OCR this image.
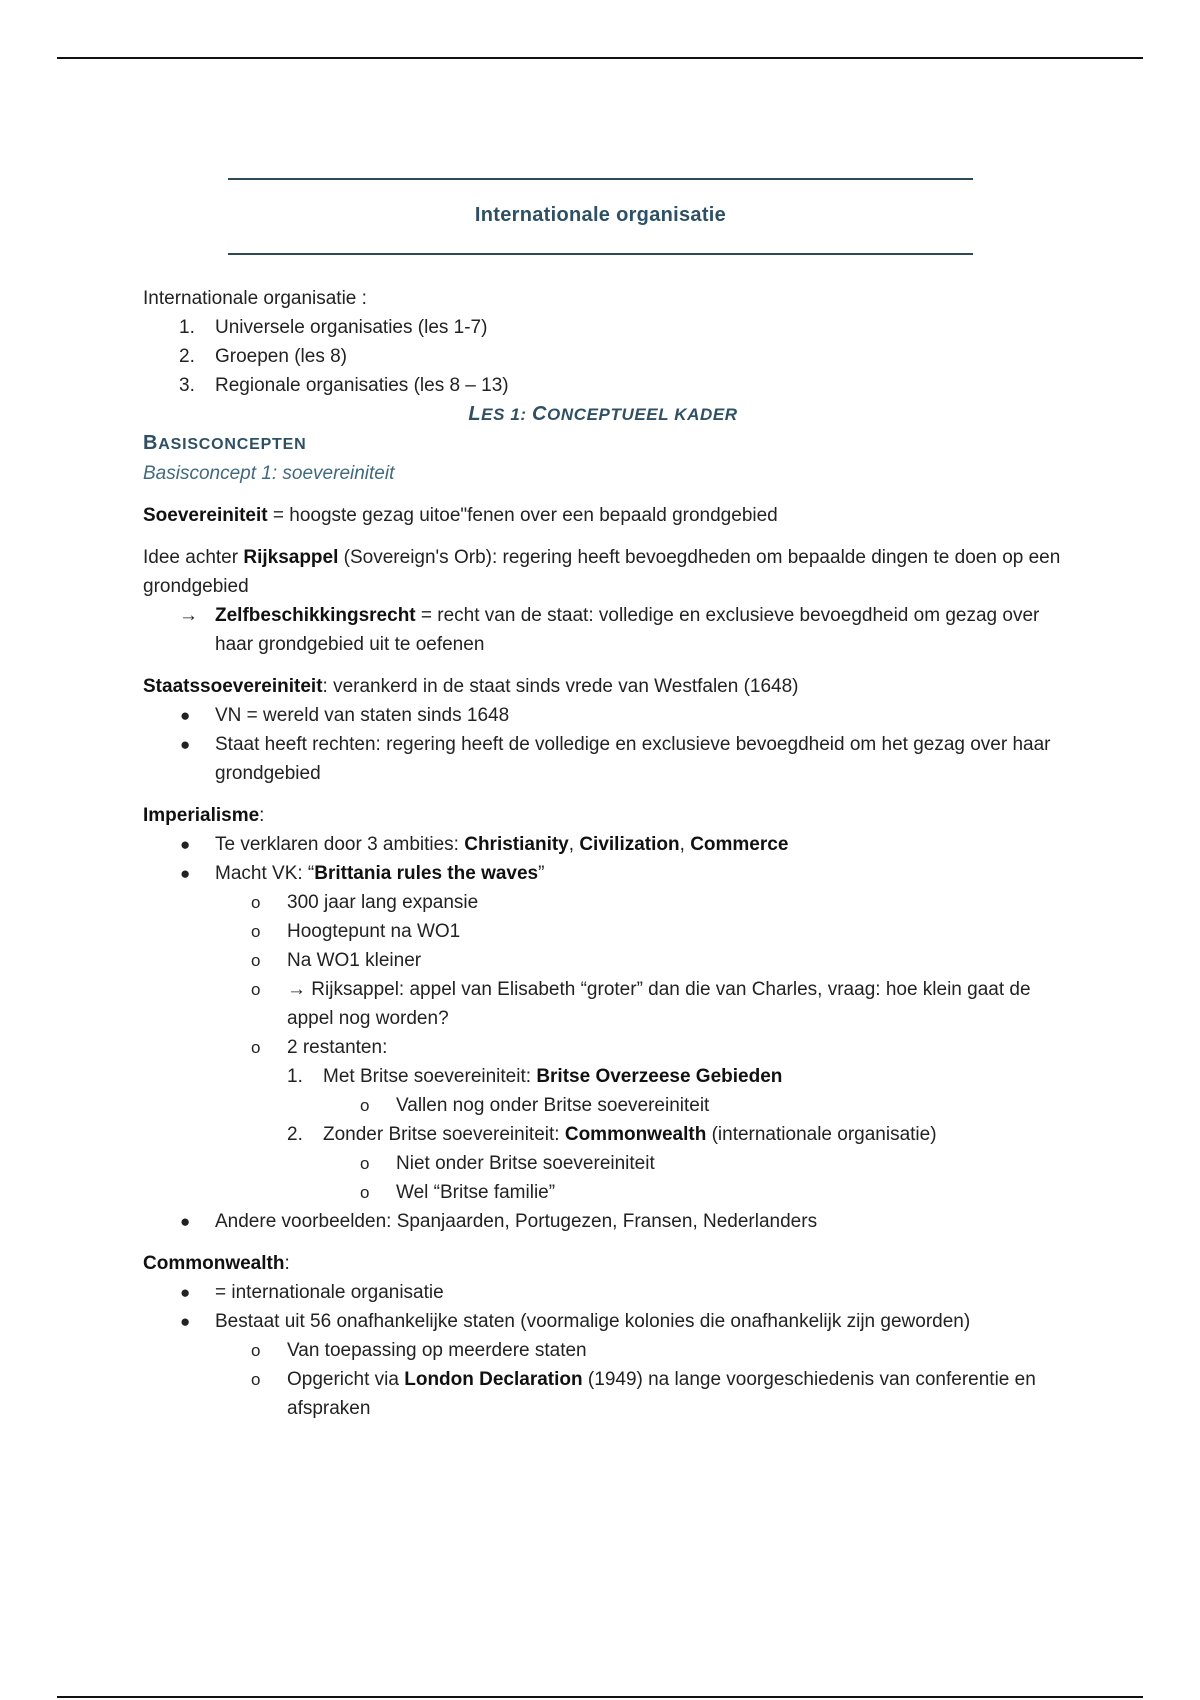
Internationale organisatie

Internationale organisatie :

1. Universele organisaties (les 1-7)
2. Groepen (les 8)
3. Regionale organisaties (les 8 – 13)

LES 1: CONCEPTUEEL KADER

BASISCONCEPTEN

Basisconcept 1: soevereiniteit

Soevereiniteit = hoogste gezag uitoe"fenen over een bepaald grondgebied

Idee achter Rijksappel (Sovereign's Orb): regering heeft bevoegdheden om bepaalde dingen te doen op een grondgebied

→ Zelfbeschikkingsrecht = recht van de staat: volledige en exclusieve bevoegdheid om gezag over haar grondgebied uit te oefenen

Staatssoevereiniteit: verankerd in de staat sinds vrede van Westfalen (1648)

● VN = wereld van staten sinds 1648
● Staat heeft rechten: regering heeft de volledige en exclusieve bevoegdheid om het gezag over haar grondgebied

Imperialisme:

● Te verklaren door 3 ambities: Christianity, Civilization, Commerce
● Macht VK: “Brittania rules the waves”
o 300 jaar lang expansie
o Hoogtepunt na WO1
o Na WO1 kleiner
o → Rijksappel: appel van Elisabeth “groter” dan die van Charles, vraag: hoe klein gaat de appel nog worden?
o 2 restanten:
1. Met Britse soevereiniteit: Britse Overzeese Gebieden
o Vallen nog onder Britse soevereiniteit
2. Zonder Britse soevereiniteit: Commonwealth (internationale organisatie)
o Niet onder Britse soevereiniteit
o Wel “Britse familie”
● Andere voorbeelden: Spanjaarden, Portugezen, Fransen, Nederlanders

Commonwealth:

● = internationale organisatie
● Bestaat uit 56 onafhankelijke staten (voormalige kolonies die onafhankelijk zijn geworden)
o Van toepassing op meerdere staten
o Opgericht via London Declaration (1949) na lange voorgeschiedenis van conferentie en afspraken
